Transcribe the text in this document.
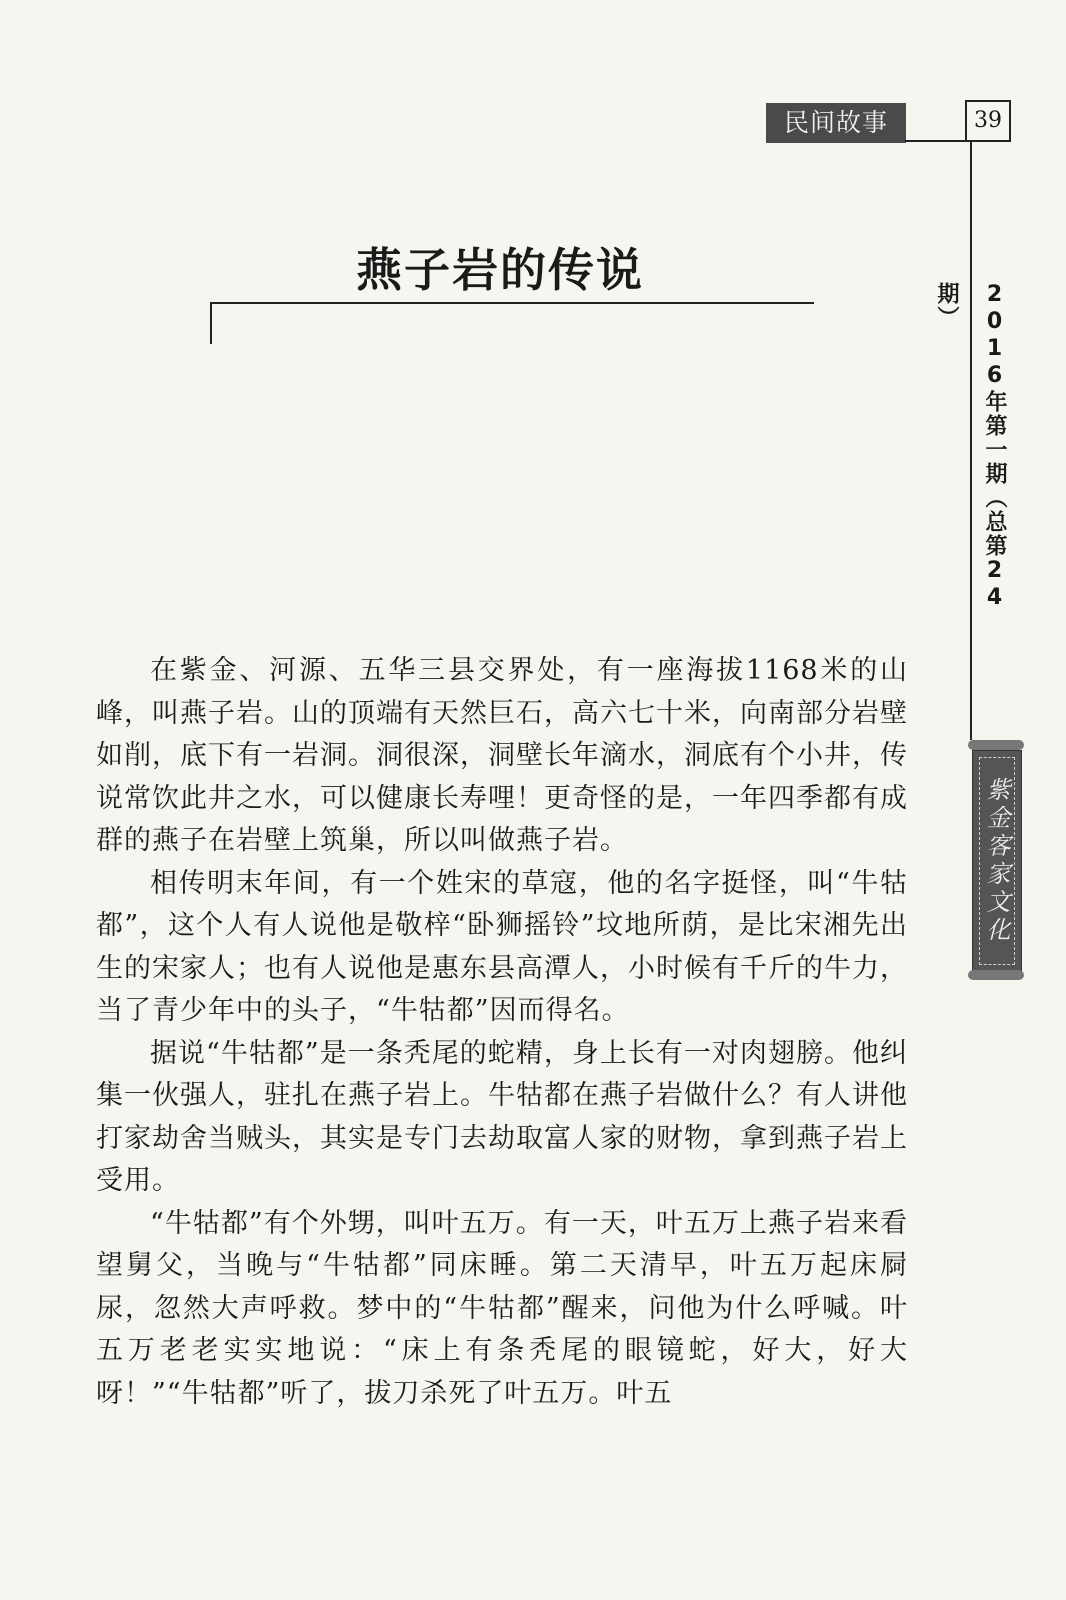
民间故事	39
2016年第一期（总第24期）
紫金客家文化
燕子岩的传说

在紫金、河源、五华三县交界处，有一座海拔1168米的山峰，叫燕子岩。山的顶端有天然巨石，高六七十米，向南部分岩壁如削，底下有一岩洞。洞很深，洞壁长年滴水，洞底有个小井，传说常饮此井之水，可以健康长寿哩！更奇怪的是，一年四季都有成群的燕子在岩壁上筑巢，所以叫做燕子岩。

相传明末年间，有一个姓宋的草寇，他的名字挺怪，叫“牛牯都”，这个人有人说他是敬梓“卧狮摇铃”坟地所荫，是比宋湘先出生的宋家人；也有人说他是惠东县高潭人，小时候有千斤的牛力，当了青少年中的头子，“牛牯都”因而得名。

据说“牛牯都”是一条秃尾的蛇精，身上长有一对肉翅膀。他纠集一伙强人，驻扎在燕子岩上。牛牯都在燕子岩做什么？有人讲他打家劫舍当贼头，其实是专门去劫取富人家的财物，拿到燕子岩上受用。

“牛牯都”有个外甥，叫叶五万。有一天，叶五万上燕子岩来看望舅父，当晚与“牛牯都”同床睡。第二天清早，叶五万起床屙尿，忽然大声呼救。梦中的“牛牯都”醒来，问他为什么呼喊。叶五万老老实实地说：“床上有条秃尾的眼镜蛇，好大，好大呀！”“牛牯都”听了，拔刀杀死了叶五万。叶五
